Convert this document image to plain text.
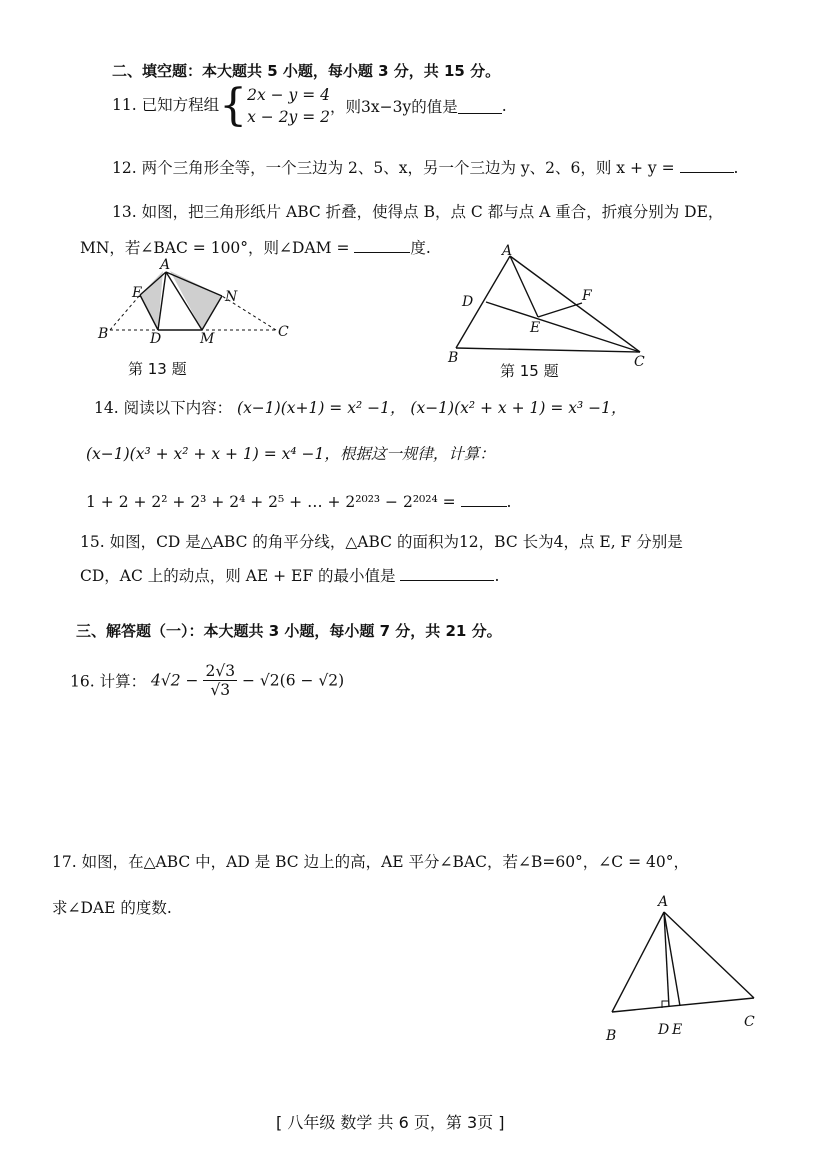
二、填空题：本大题共 5 小题，每小题 3 分，共 15 分。
11. 已知方程组{ 2x − y = 4
x − 2y = 2
，则3x−3y的值是	.
12. 两个三角形全等，一个三边为 2、5、x，另一个三边为 y、2、6，则 x + y =	.
13. 如图，把三角形纸片 ABC 折叠，使得点 B，点 C 都与点 A 重合，折痕分别为 DE，
MN，若∠BAC = 100°，则∠DAM =	度.
A
E	N
B	D	M	C
A
D	F
E
B	C
A
B	D E	C
第 13 题	第 15 题
14. 阅读以下内容： (x−1)(x+1) = x² −1， (x−1)(x² + x + 1) = x³ −1，
(x−1)(x³ + x² + x + 1) = x⁴ −1，根据这一规律，计算：
1 + 2 + 2² + 2³ + 2⁴ + 2⁵ + … + 2²⁰²³ − 2²⁰²⁴ =	.
15. 如图，CD 是△ABC 的角平分线，△ABC 的面积为12，BC 长为4，点 E, F 分别是
CD，AC 上的动点，则 AE + EF 的最小值是	.
三、解答题（一）：本大题共 3 小题，每小题 7 分，共 21 分。
16. 计算： $4√2 - \frac{2√3}{√3} - √2(6 - √2)$
17. 如图，在△ABC 中，AD 是 BC 边上的高，AE 平分∠BAC，若∠B=60°，∠C = 40°，
求∠DAE 的度数.
[ 八年级 数学 共 6 页，第 3页 ]
